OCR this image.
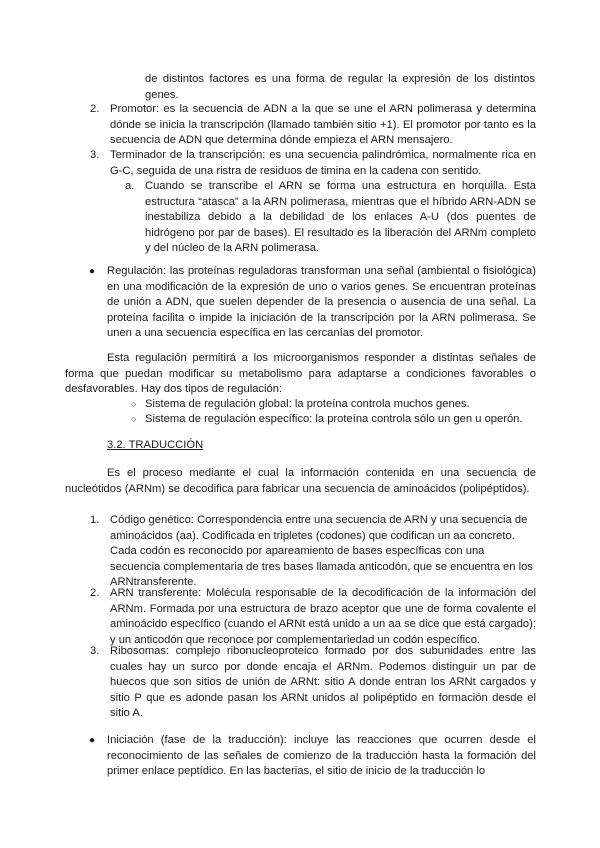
de distintos factores es una forma de regular la expresión de los distintos genes.

2. Promotor: es la secuencia de ADN a la que se une el ARN polimerasa y determina dónde se inicia la transcripción (llamado también sitio +1). El promotor por tanto es la secuencia de ADN que determina dónde empieza el ARN mensajero.

3. Terminador de la transcripción: es una secuencia palindrómica, normalmente rica en G-C, seguida de una ristra de residuos de timina en la cadena con sentido.

a. Cuando se transcribe el ARN se forma una estructura en horquilla. Esta estructura “atasca” a la ARN polimerasa, mientras que el híbrido ARN-ADN se inestabiliza debido a la debilidad de los enlaces A-U (dos puentes de hidrógeno por par de bases). El resultado es la liberación del ARNm completo y del núcleo de la ARN polimerasa.

● Regulación: las proteínas reguladoras transforman una señal (ambiental o fisiológica) en una modificación de la expresión de uno o varios genes. Se encuentran proteínas de unión a ADN, que suelen depender de la presencia o ausencia de una señal. La proteína facilita o impide la iniciación de la transcripción por la ARN polimerasa. Se unen a una secuencia específica en las cercanías del promotor.

Esta regulación permitirá a los microorganismos responder a distintas señales de forma que puedan modificar su metabolismo para adaptarse a condiciones favorables o desfavorables. Hay dos tipos de regulación:

○ Sistema de regulación global: la proteína controla muchos genes.

○ Sistema de regulación específico: la proteína controla sólo un gen u operón.

3.2. TRADUCCIÓN

Es el proceso mediante el cual la información contenida en una secuencia de nucleótidos (ARNm) se decodifica para fabricar una secuencia de aminoácidos (polipéptidos).

1. Código genético: Correspondencia entre una secuencia de ARN y una secuencia de aminoácidos (aa). Codificada en tripletes (codones) que codifican un aa concreto. Cada codón es reconocido por apareamiento de bases específicas con una secuencia complementaria de tres bases llamada anticodón, que se encuentra en los ARNtransferente.

2. ARN transferente: Molécula responsable de la decodificación de la información del ARNm. Formada por una estructura de brazo aceptor que une de forma covalente el aminoácido específico (cuando el ARNt está unido a un aa se dice que está cargado); y un anticodón que reconoce por complementariedad un codón específico.

3. Ribosomas: complejo ribonucleoproteico formado por dos subunidades entre las cuales hay un surco por donde encaja el ARNm. Podemos distinguir un par de huecos que son sitios de unión de ARNt: sitio A donde entran los ARNt cargados y sitio P que es adonde pasan los ARNt unidos al polipéptido en formación desde el sitio A.

● Iniciación (fase de la traducción): incluye las reacciones que ocurren desde el reconocimiento de las señales de comienzo de la traducción hasta la formación del primer enlace peptídico. En las bacterias, el sitio de inicio de la traducción lo
